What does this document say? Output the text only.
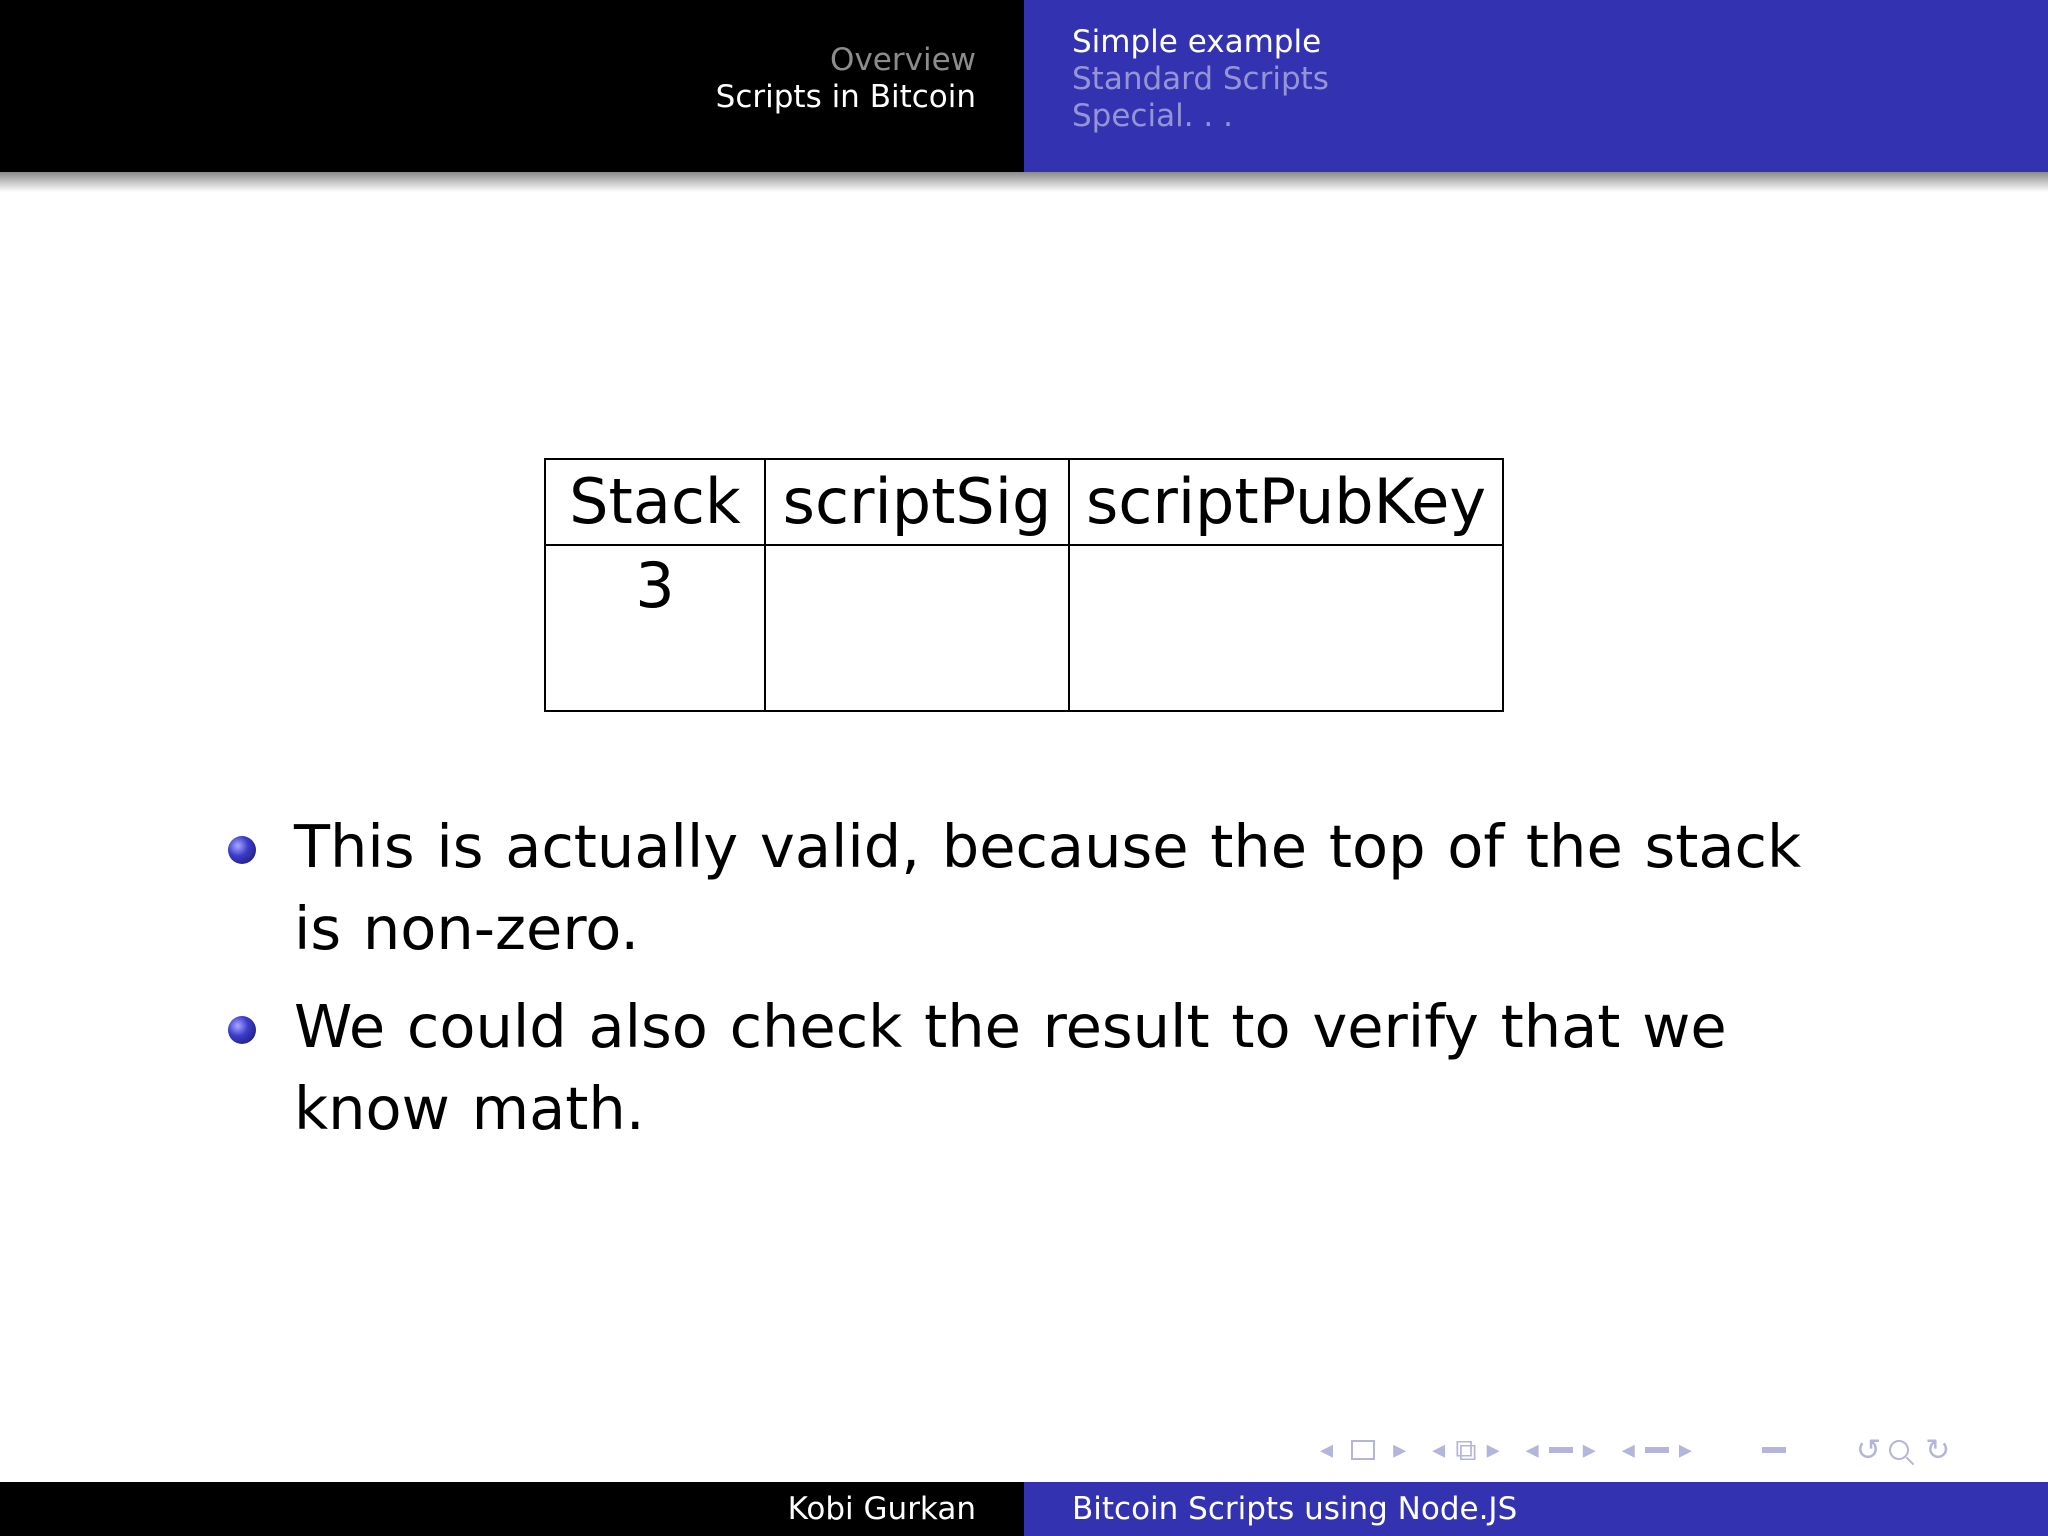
Overview
Scripts in Bitcoin
Simple example
Standard Scripts
Special. . .
Stack	scriptSig	scriptPubKey
3		
This is actually valid, because the top of the stack is non-zero.
We could also check the result to verify that we know math.
◂ ▸ ◂ ⧉ ▸ ◂ ▸ ◂ ▸	↺ ↻
Kobi Gurkan	Bitcoin Scripts using Node.JS
